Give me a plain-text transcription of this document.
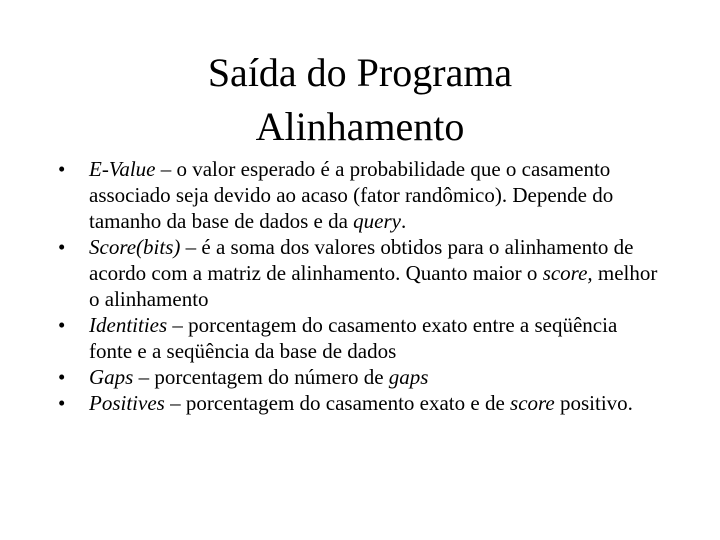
Saída do Programa
Alinhamento
• E-Value – o valor esperado é a probabilidade que o casamento associado seja devido ao acaso (fator randômico). Depende do tamanho da base de dados e da query.
• Score(bits) – é a soma dos valores obtidos para o alinhamento de acordo com a matriz de alinhamento. Quanto maior o score, melhor o alinhamento
• Identities – porcentagem do casamento exato entre a seqüência fonte e a seqüência da base de dados
• Gaps – porcentagem do número de gaps
• Positives – porcentagem do casamento exato e de score positivo.
